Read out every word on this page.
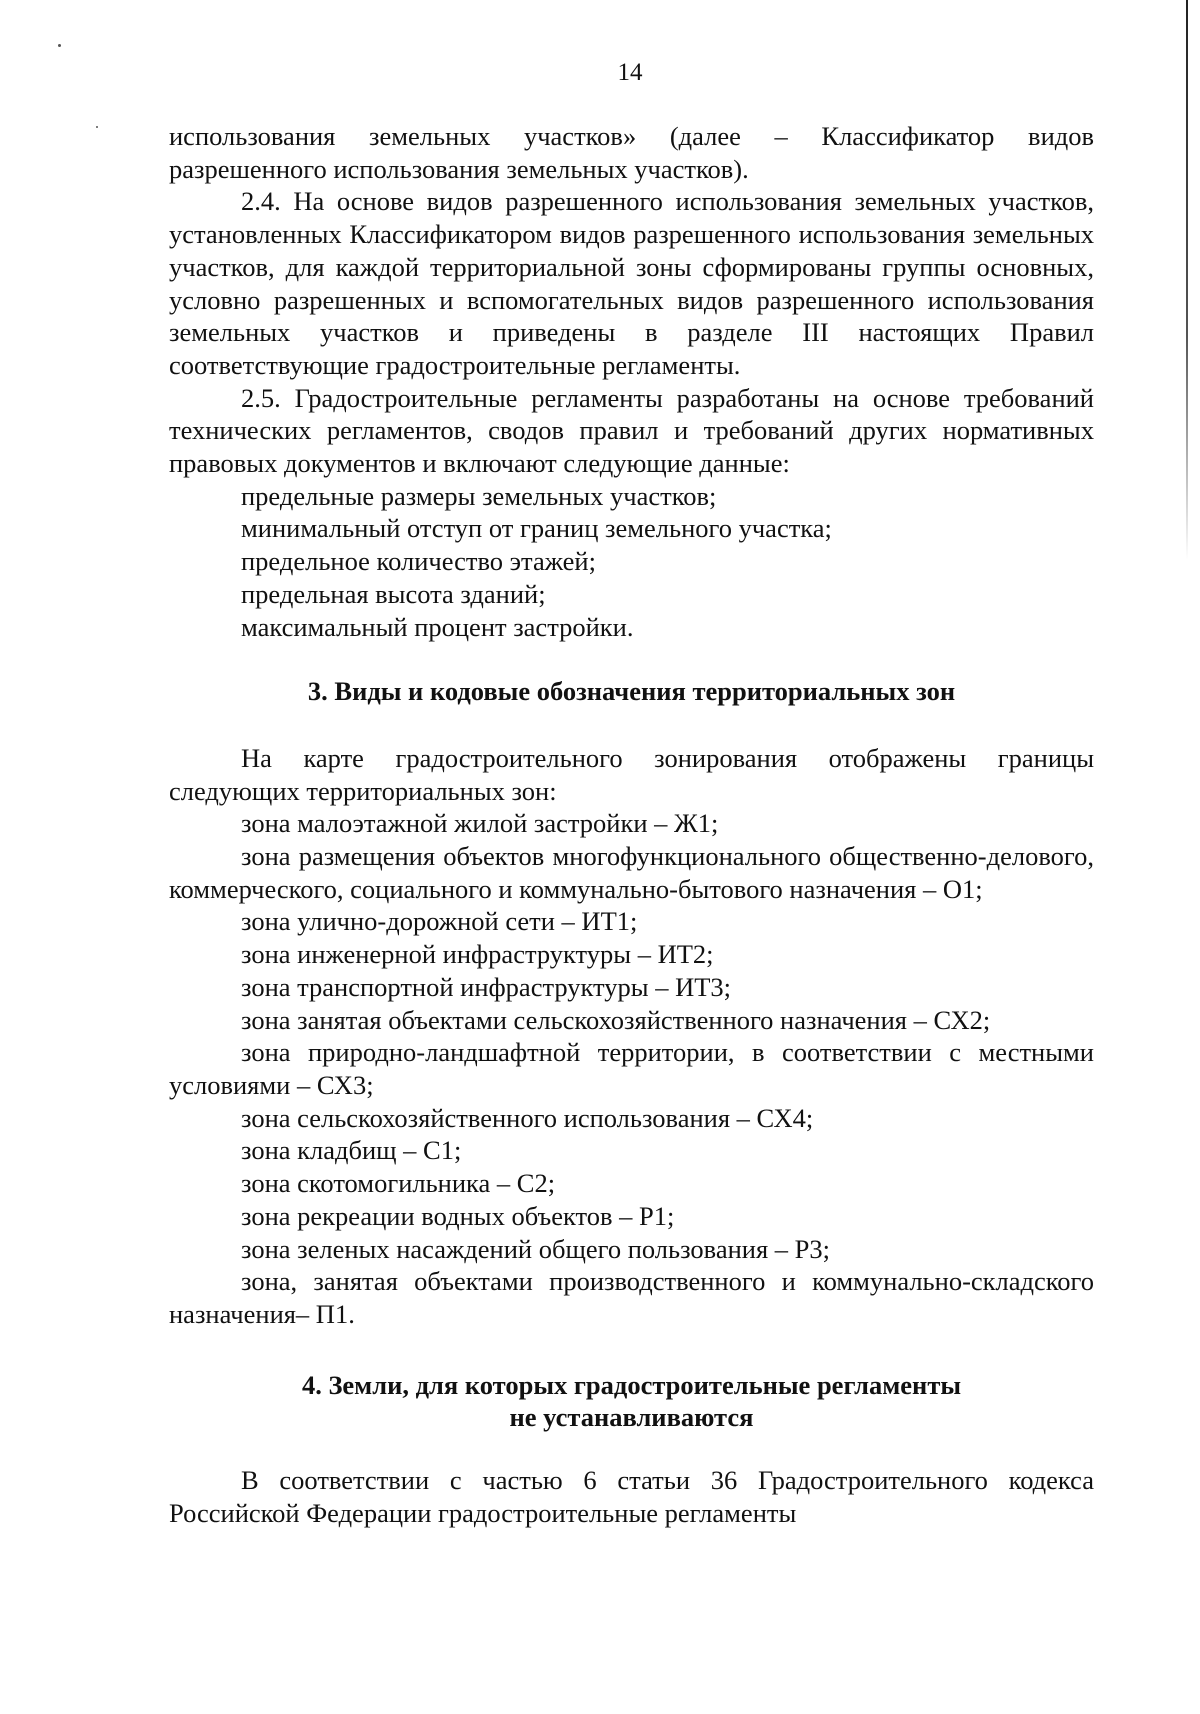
14

использования земельных участков» (далее – Классификатор видов разрешенного использования земельных участков).

2.4. На основе видов разрешенного использования земельных участков, установленных Классификатором видов разрешенного использования земельных участков, для каждой территориальной зоны сформированы группы основных, условно разрешенных и вспомогательных видов разрешенного использования земельных участков и приведены в разделе III настоящих Правил соответствующие градостроительные регламенты.

2.5. Градостроительные регламенты разработаны на основе требований технических регламентов, сводов правил и требований других нормативных правовых документов и включают следующие данные:

предельные размеры земельных участков;

минимальный отступ от границ земельного участка;

предельное количество этажей;

предельная высота зданий;

максимальный процент застройки.

3. Виды и кодовые обозначения территориальных зон

На карте градостроительного зонирования отображены границы следующих территориальных зон:

зона малоэтажной жилой застройки – Ж1;

зона размещения объектов многофункционального общественно-делового, коммерческого, социального и коммунально-бытового назначения – О1;

зона улично-дорожной сети – ИТ1;

зона инженерной инфраструктуры – ИТ2;

зона транспортной инфраструктуры – ИТ3;

зона занятая объектами сельскохозяйственного назначения – СХ2;

зона природно-ландшафтной территории, в соответствии с местными условиями – СХ3;

зона сельскохозяйственного использования – СХ4;

зона кладбищ – С1;

зона скотомогильника – С2;

зона рекреации водных объектов – Р1;

зона зеленых насаждений общего пользования – Р3;

зона, занятая объектами производственного и коммунально-складского назначения– П1.

4. Земли, для которых градостроительные регламенты

не устанавливаются

В соответствии с частью 6 статьи 36 Градостроительного кодекса Российской Федерации градостроительные регламенты
